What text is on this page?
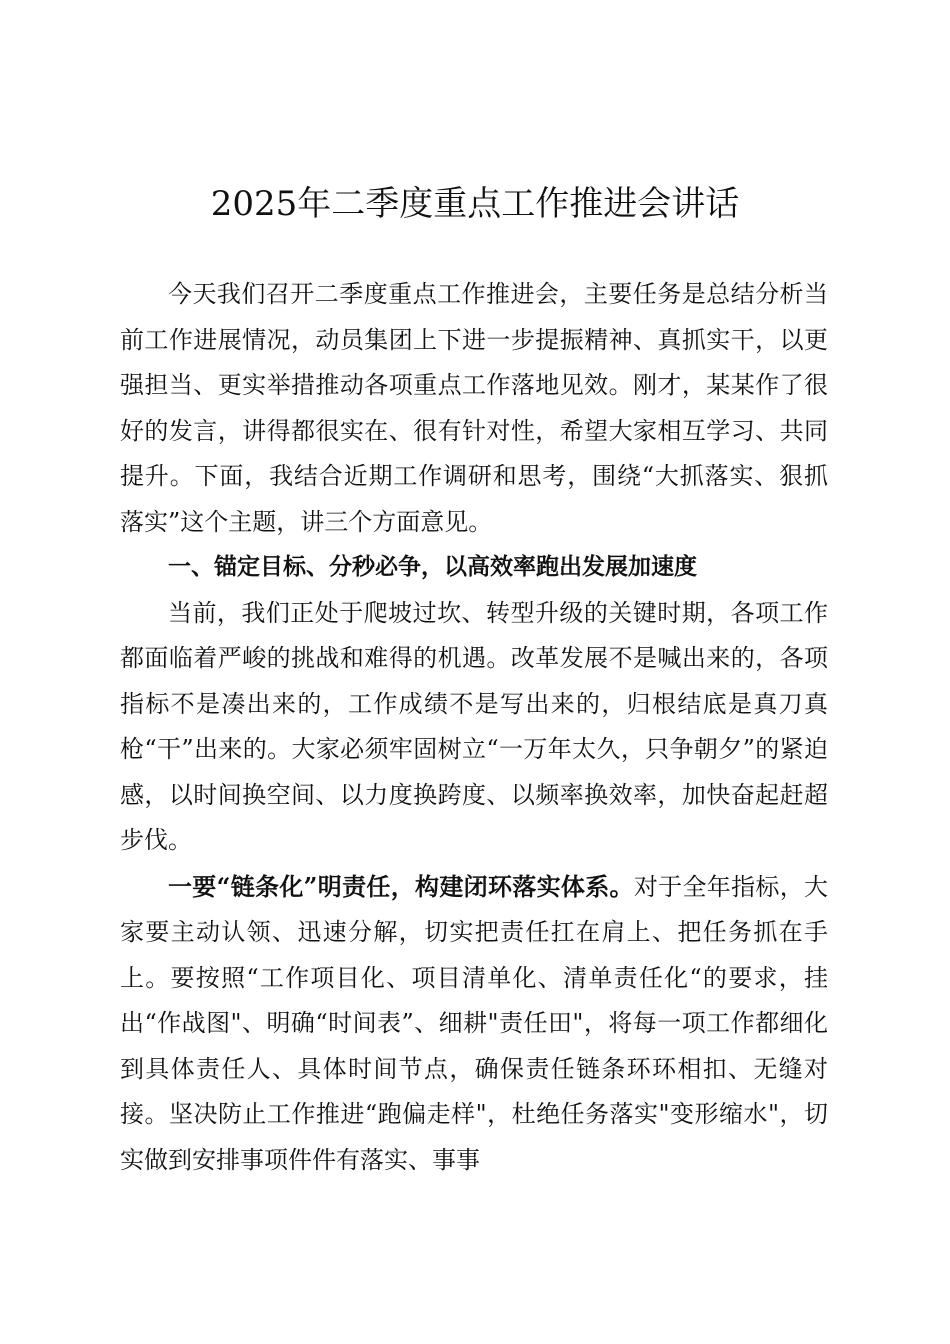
2025年二季度重点工作推进会讲话

今天我们召开二季度重点工作推进会，主要任务是总结分析当前工作进展情况，动员集团上下进一步提振精神、真抓实干，以更强担当、更实举措推动各项重点工作落地见效。刚才，某某作了很好的发言，讲得都很实在、很有针对性，希望大家相互学习、共同提升。下面，我结合近期工作调研和思考，围绕“大抓落实、狠抓落实”这个主题，讲三个方面意见。

一、锚定目标、分秒必争，以高效率跑出发展加速度

当前，我们正处于爬坡过坎、转型升级的关键时期，各项工作都面临着严峻的挑战和难得的机遇。改革发展不是喊出来的，各项指标不是凑出来的，工作成绩不是写出来的，归根结底是真刀真枪“干”出来的。大家必须牢固树立“一万年太久，只争朝夕”的紧迫感，以时间换空间、以力度换跨度、以频率换效率，加快奋起赶超步伐。

一要“链条化”明责任，构建闭环落实体系。对于全年指标，大家要主动认领、迅速分解，切实把责任扛在肩上、把任务抓在手上。要按照“工作项目化、项目清单化、清单责任化“的要求，挂出“作战图"、明确“时间表”、细耕"责任田"，将每一项工作都细化到具体责任人、具体时间节点，确保责任链条环环相扣、无缝对接。坚决防止工作推进“跑偏走样"，杜绝任务落实"变形缩水"，切实做到安排事项件件有落实、事事
